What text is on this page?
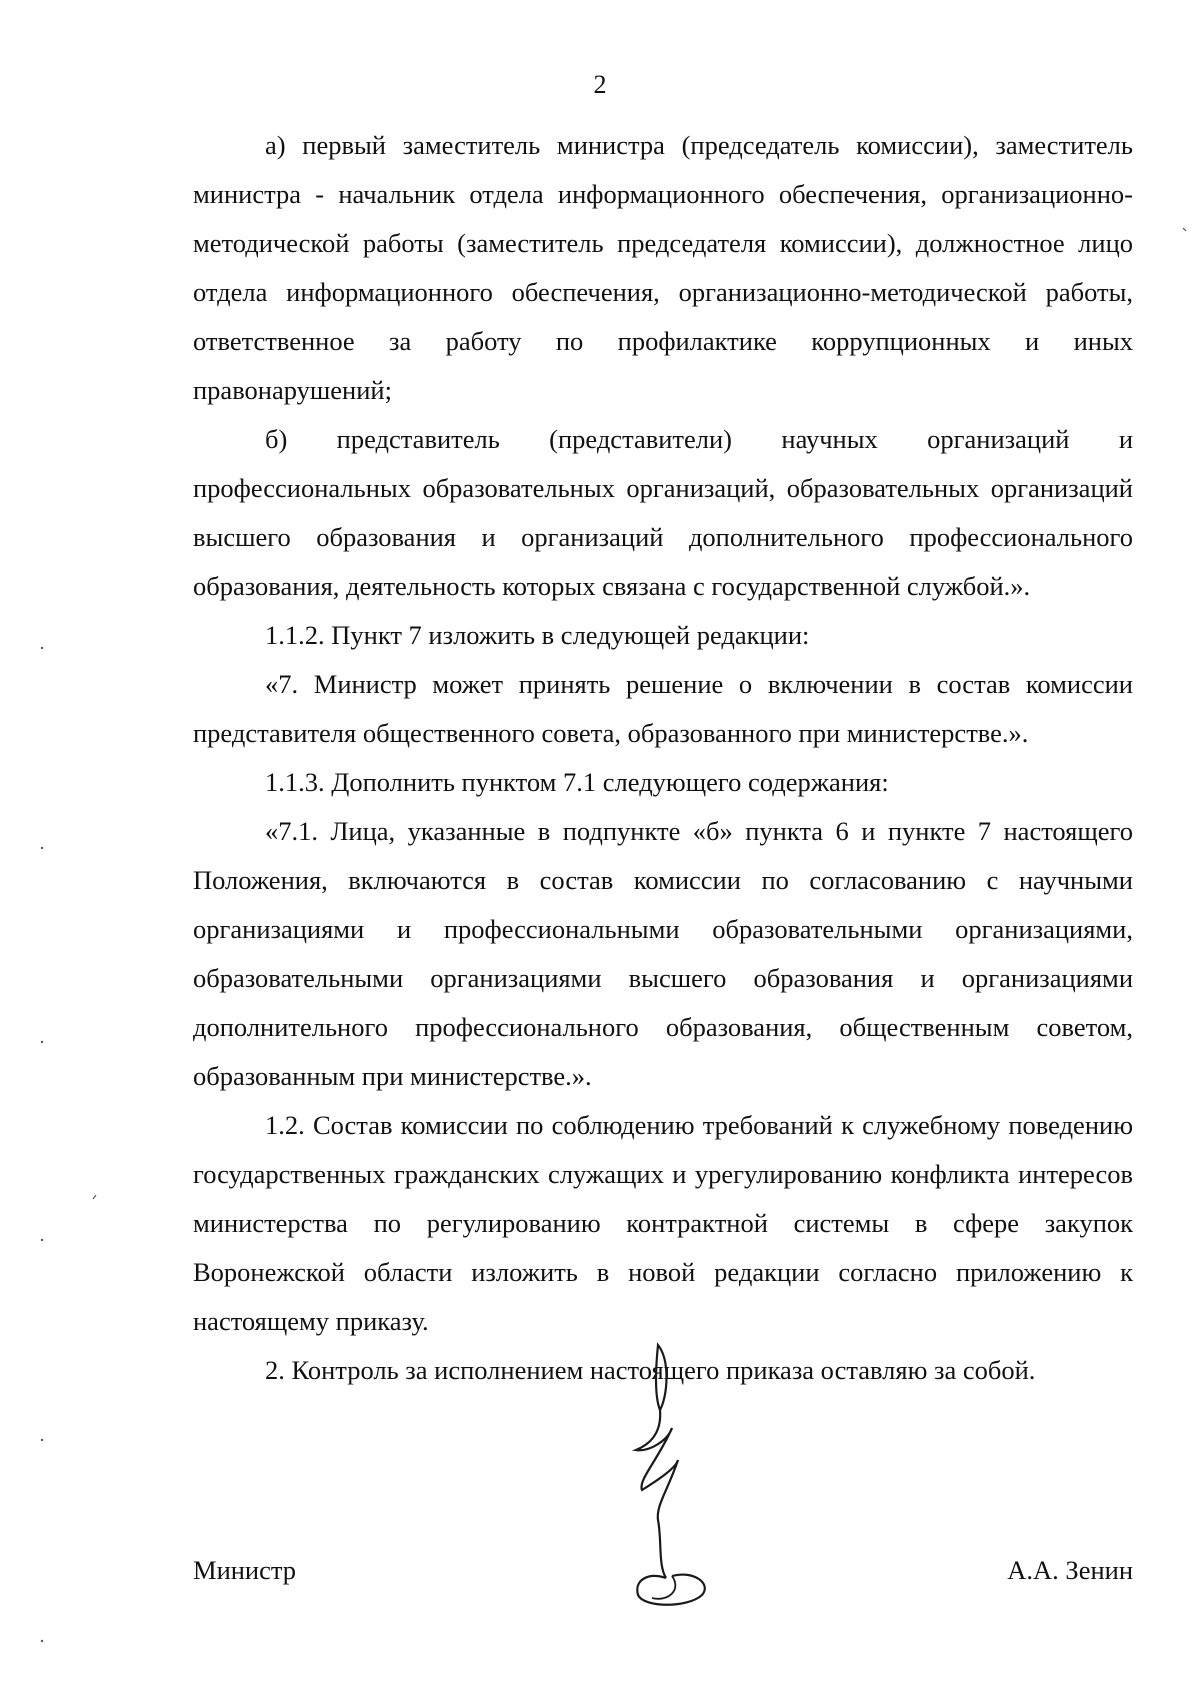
2

а) первый заместитель министра (председатель комиссии), заместитель министра - начальник отдела информационного обеспечения, организационно-методической работы (заместитель председателя комиссии), должностное лицо отдела информационного обеспечения, организационно-методической работы, ответственное за работу по профилактике коррупционных и иных правонарушений;

б) представитель (представители) научных организаций и профессиональных образовательных организаций, образовательных организаций высшего образования и организаций дополнительного профессионального образования, деятельность которых связана с государственной службой.».

1.1.2. Пункт 7 изложить в следующей редакции:

«7. Министр может принять решение о включении в состав комиссии представителя общественного совета, образованного при министерстве.».

1.1.3. Дополнить пунктом 7.1 следующего содержания:

«7.1. Лица, указанные в подпункте «б» пункта 6 и пункте 7 настоящего Положения, включаются в состав комиссии по согласованию с научными организациями и профессиональными образовательными организациями, образовательными организациями высшего образования и организациями дополнительного профессионального образования, общественным советом, образованным при министерстве.».

1.2. Состав комиссии по соблюдению требований к служебному поведению государственных гражданских служащих и урегулированию конфликта интересов министерства по регулированию контрактной системы в сфере закупок Воронежской области изложить в новой редакции согласно приложению к настоящему приказу.

2. Контроль за исполнением настоящего приказа оставляю за собой.

Министр	А.А. Зенин
